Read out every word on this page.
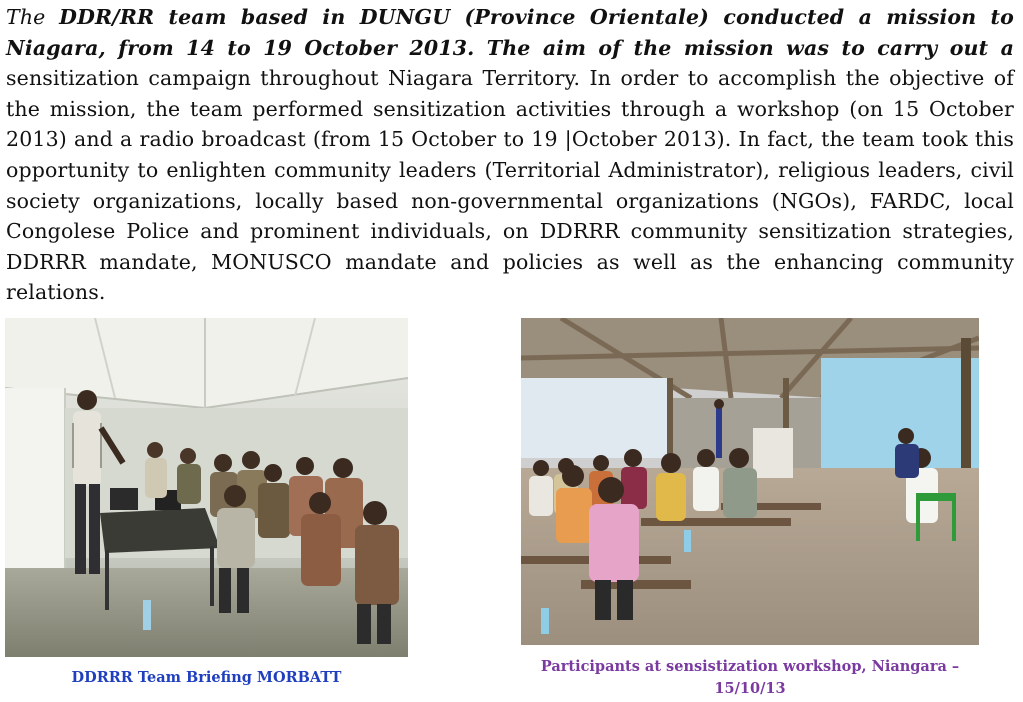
The DDR/RR team based in DUNGU (Province Orientale) conducted a mission to Niagara, from 14 to 19 October 2013. The aim of the mission was to carry out a sensitization campaign throughout Niagara Territory. In order to accomplish the objective of the mission, the team performed sensitization activities through a workshop (on 15 October 2013) and a radio broadcast (from 15 October to 19 |October 2013). In fact, the team took this opportunity to enlighten community leaders (Territorial Administrator), religious leaders, civil society organizations, locally based non-governmental organizations (NGOs), FARDC, local Congolese Police and prominent individuals, on DDRRR community sensitization strategies, DDRRR mandate, MONUSCO mandate and policies as well as the enhancing community relations.
DDRRR Team Briefing MORBATT
Participants at sensistization workshop, Niangara – 15/10/13
